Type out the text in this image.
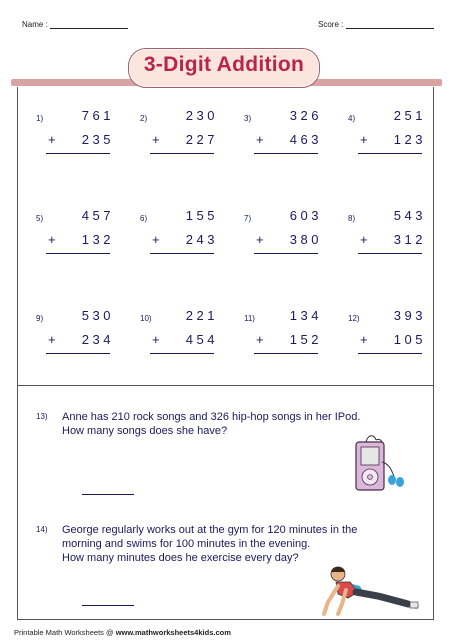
Name :	Score :
3-Digit Addition
1)	761
+ 235
2)	230
+ 227
3)	326
+ 463
4)	251
+ 123
5)	457
+ 132
6)	155
+ 243
7)	603
+ 380
8)	543
+ 312
9)	530
+ 234
10)	221
+ 454
11)	134
+ 152
12)	393
+ 105
13) Anne has 210 rock songs and 326 hip-hop songs in her IPod.
How many songs does she have?
14) George regularly works out at the gym for 120 minutes in the
morning and swims for 100 minutes in the evening.
How many minutes does he exercise every day?
Printable Math Worksheets @ www.mathworksheets4kids.com
